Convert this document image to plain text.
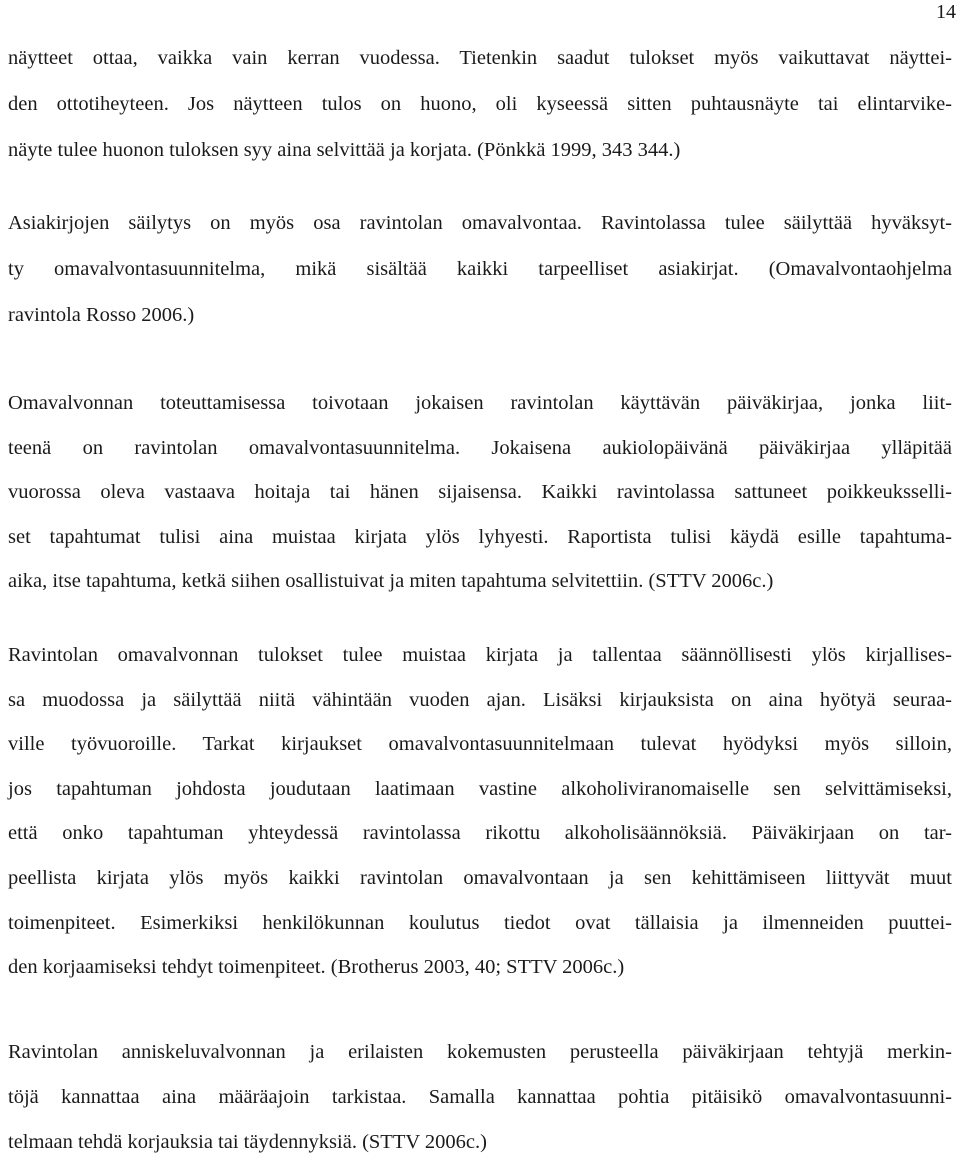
14
näytteet ottaa, vaikka vain kerran vuodessa. Tietenkin saadut tulokset myös vaikuttavat näyttei-
den ottotiheyteen. Jos näytteen tulos on huono, oli kyseessä sitten puhtausnäyte tai elintarvike-
näyte tulee huonon tuloksen syy aina selvittää ja korjata. (Pönkkä 1999, 343 344.)
Asiakirjojen säilytys on myös osa ravintolan omavalvontaa. Ravintolassa tulee säilyttää hyväksyt-
ty omavalvontasuunnitelma, mikä sisältää kaikki tarpeelliset asiakirjat. (Omavalvontaohjelma
ravintola Rosso 2006.)
Omavalvonnan toteuttamisessa toivotaan jokaisen ravintolan käyttävän päiväkirjaa, jonka liit-
teenä on ravintolan omavalvontasuunnitelma. Jokaisena aukiolopäivänä päiväkirjaa ylläpitää
vuorossa oleva vastaava hoitaja tai hänen sijaisensa. Kaikki ravintolassa sattuneet poikkeuksselli-
set tapahtumat tulisi aina muistaa kirjata ylös lyhyesti. Raportista tulisi käydä esille tapahtuma-
aika, itse tapahtuma, ketkä siihen osallistuivat ja miten tapahtuma selvitettiin. (STTV 2006c.)
Ravintolan omavalvonnan tulokset tulee muistaa kirjata ja tallentaa säännöllisesti ylös kirjallises-
sa muodossa ja säilyttää niitä vähintään vuoden ajan. Lisäksi kirjauksista on aina hyötyä seuraa-
ville työvuoroille. Tarkat kirjaukset omavalvontasuunnitelmaan tulevat hyödyksi myös silloin,
jos tapahtuman johdosta joudutaan laatimaan vastine alkoholiviranomaiselle sen selvittämiseksi,
että onko tapahtuman yhteydessä ravintolassa rikottu alkoholisäännöksiä. Päiväkirjaan on tar-
peellista kirjata ylös myös kaikki ravintolan omavalvontaan ja sen kehittämiseen liittyvät muut
toimenpiteet. Esimerkiksi henkilökunnan koulutus tiedot ovat tällaisia ja ilmenneiden puuttei-
den korjaamiseksi tehdyt toimenpiteet. (Brotherus 2003, 40; STTV 2006c.)
Ravintolan anniskeluvalvonnan ja erilaisten kokemusten perusteella päiväkirjaan tehtyjä merkin-
töjä kannattaa aina määräajoin tarkistaa. Samalla kannattaa pohtia pitäisikö omavalvontasuunni-
telmaan tehdä korjauksia tai täydennyksiä. (STTV 2006c.)
